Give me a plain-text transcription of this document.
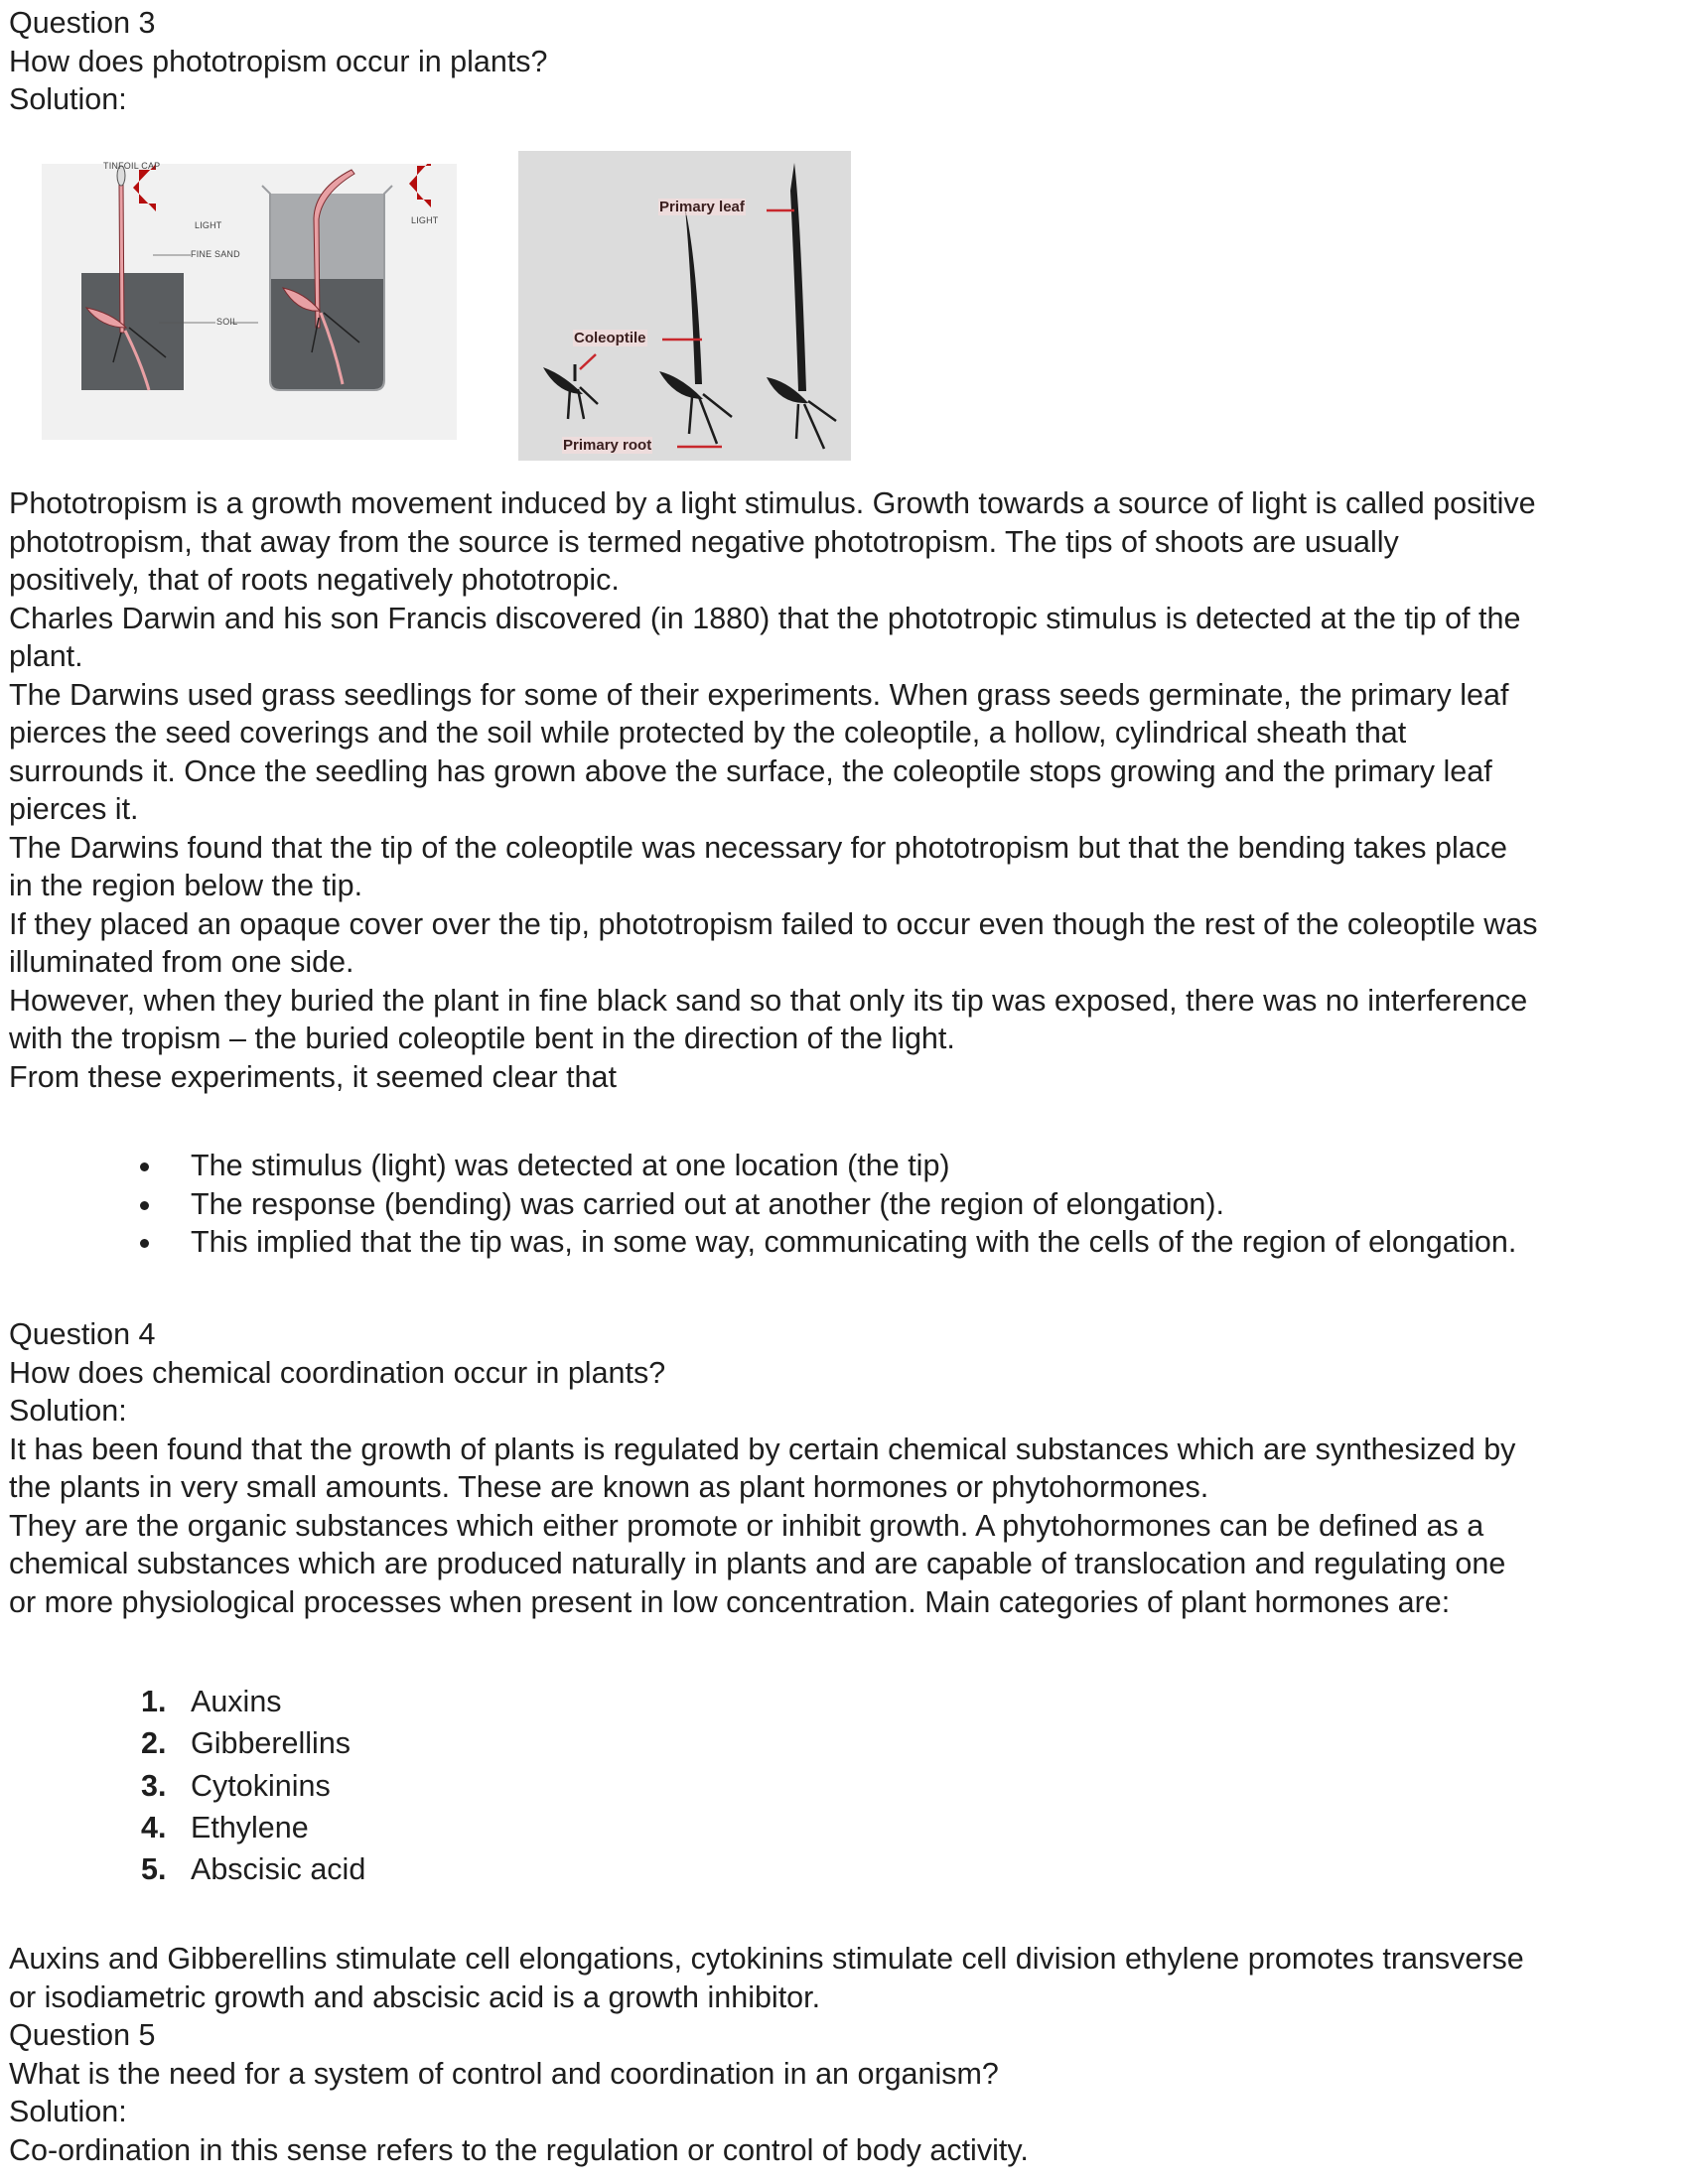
Question 3
How does phototropism occur in plants?
Solution:
TINFOIL CAP
LIGHT	LIGHT
FINE SAND
SOIL
Primary leaf
Coleoptile
Primary root
Phototropism is a growth movement induced by a light stimulus. Growth towards a source of light is called positive
phototropism, that away from the source is termed negative phototropism. The tips of shoots are usually
positively, that of roots negatively phototropic.
Charles Darwin and his son Francis discovered (in 1880) that the phototropic stimulus is detected at the tip of the
plant.
The Darwins used grass seedlings for some of their experiments. When grass seeds germinate, the primary leaf
pierces the seed coverings and the soil while protected by the coleoptile, a hollow, cylindrical sheath that
surrounds it. Once the seedling has grown above the surface, the coleoptile stops growing and the primary leaf
pierces it.
The Darwins found that the tip of the coleoptile was necessary for phototropism but that the bending takes place
in the region below the tip.
If they placed an opaque cover over the tip, phototropism failed to occur even though the rest of the coleoptile was
illuminated from one side.
However, when they buried the plant in fine black sand so that only its tip was exposed, there was no interference
with the tropism – the buried coleoptile bent in the direction of the light.
From these experiments, it seemed clear that
The stimulus (light) was detected at one location (the tip)
The response (bending) was carried out at another (the region of elongation).
This implied that the tip was, in some way, communicating with the cells of the region of elongation.
Question 4
How does chemical coordination occur in plants?
Solution:
It has been found that the growth of plants is regulated by certain chemical substances which are synthesized by
the plants in very small amounts. These are known as plant hormones or phytohormones.
They are the organic substances which either promote or inhibit growth. A phytohormones can be defined as a
chemical substances which are produced naturally in plants and are capable of translocation and regulating one
or more physiological processes when present in low concentration. Main categories of plant hormones are:
1. Auxins
2. Gibberellins
3. Cytokinins
4. Ethylene
5. Abscisic acid
Auxins and Gibberellins stimulate cell elongations, cytokinins stimulate cell division ethylene promotes transverse
or isodiametric growth and abscisic acid is a growth inhibitor.
Question 5
What is the need for a system of control and coordination in an organism?
Solution:
Co-ordination in this sense refers to the regulation or control of body activity.
